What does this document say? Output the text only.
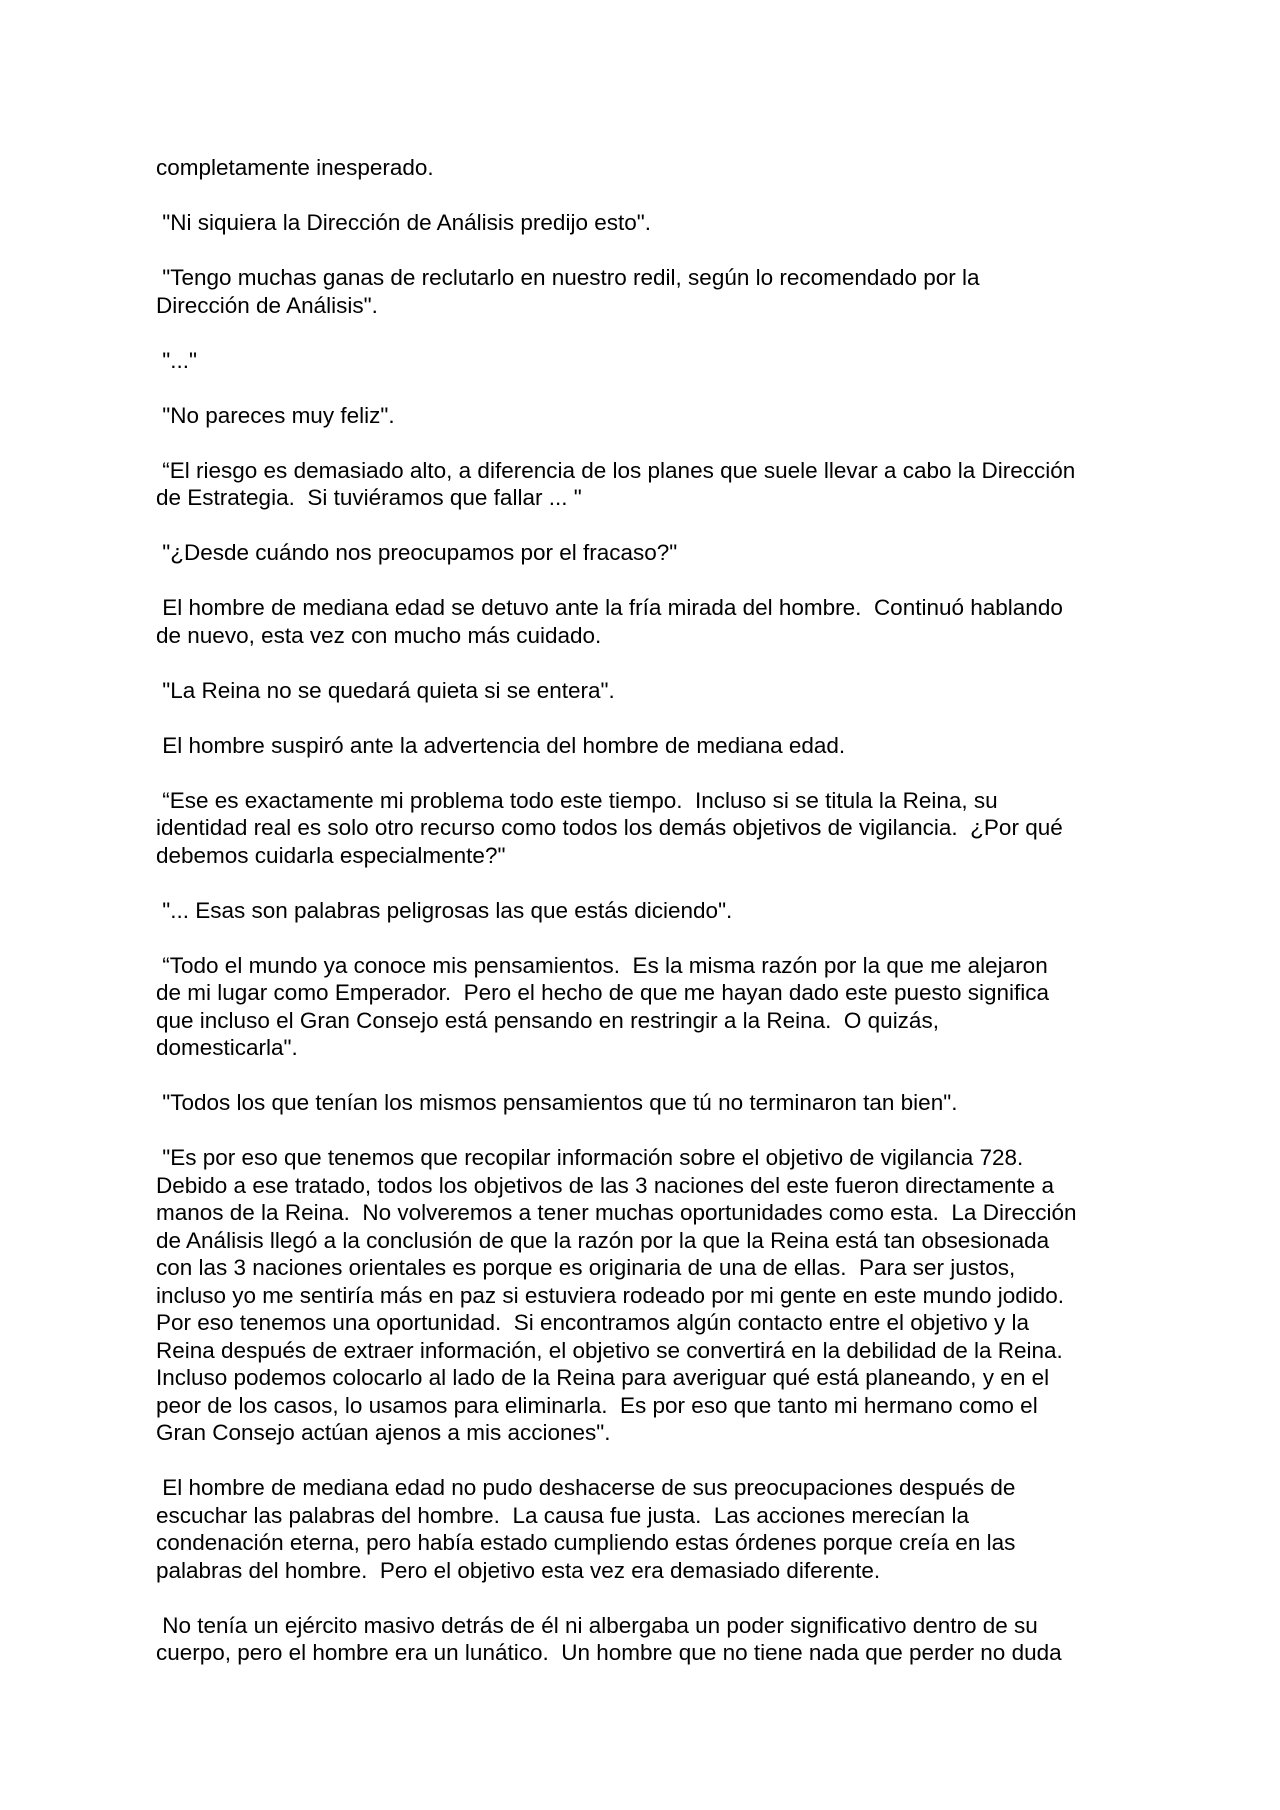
completamente inesperado.

"Ni siquiera la Dirección de Análisis predijo esto".

"Tengo muchas ganas de reclutarlo en nuestro redil, según lo recomendado por la
Dirección de Análisis".

"..."

"No pareces muy feliz".

“El riesgo es demasiado alto, a diferencia de los planes que suele llevar a cabo la Dirección
de Estrategia.  Si tuviéramos que fallar ... "

"¿Desde cuándo nos preocupamos por el fracaso?"

El hombre de mediana edad se detuvo ante la fría mirada del hombre.  Continuó hablando
de nuevo, esta vez con mucho más cuidado.

"La Reina no se quedará quieta si se entera".

El hombre suspiró ante la advertencia del hombre de mediana edad.

“Ese es exactamente mi problema todo este tiempo.  Incluso si se titula la Reina, su
identidad real es solo otro recurso como todos los demás objetivos de vigilancia.  ¿Por qué
debemos cuidarla especialmente?"

"... Esas son palabras peligrosas las que estás diciendo".

“Todo el mundo ya conoce mis pensamientos.  Es la misma razón por la que me alejaron
de mi lugar como Emperador.  Pero el hecho de que me hayan dado este puesto significa
que incluso el Gran Consejo está pensando en restringir a la Reina.  O quizás,
domesticarla".

"Todos los que tenían los mismos pensamientos que tú no terminaron tan bien".

"Es por eso que tenemos que recopilar información sobre el objetivo de vigilancia 728.
Debido a ese tratado, todos los objetivos de las 3 naciones del este fueron directamente a
manos de la Reina.  No volveremos a tener muchas oportunidades como esta.  La Dirección
de Análisis llegó a la conclusión de que la razón por la que la Reina está tan obsesionada
con las 3 naciones orientales es porque es originaria de una de ellas.  Para ser justos,
incluso yo me sentiría más en paz si estuviera rodeado por mi gente en este mundo jodido.
Por eso tenemos una oportunidad.  Si encontramos algún contacto entre el objetivo y la
Reina después de extraer información, el objetivo se convertirá en la debilidad de la Reina.
Incluso podemos colocarlo al lado de la Reina para averiguar qué está planeando, y en el
peor de los casos, lo usamos para eliminarla.  Es por eso que tanto mi hermano como el
Gran Consejo actúan ajenos a mis acciones".

El hombre de mediana edad no pudo deshacerse de sus preocupaciones después de
escuchar las palabras del hombre.  La causa fue justa.  Las acciones merecían la
condenación eterna, pero había estado cumpliendo estas órdenes porque creía en las
palabras del hombre.  Pero el objetivo esta vez era demasiado diferente.

No tenía un ejército masivo detrás de él ni albergaba un poder significativo dentro de su
cuerpo, pero el hombre era un lunático.  Un hombre que no tiene nada que perder no duda
